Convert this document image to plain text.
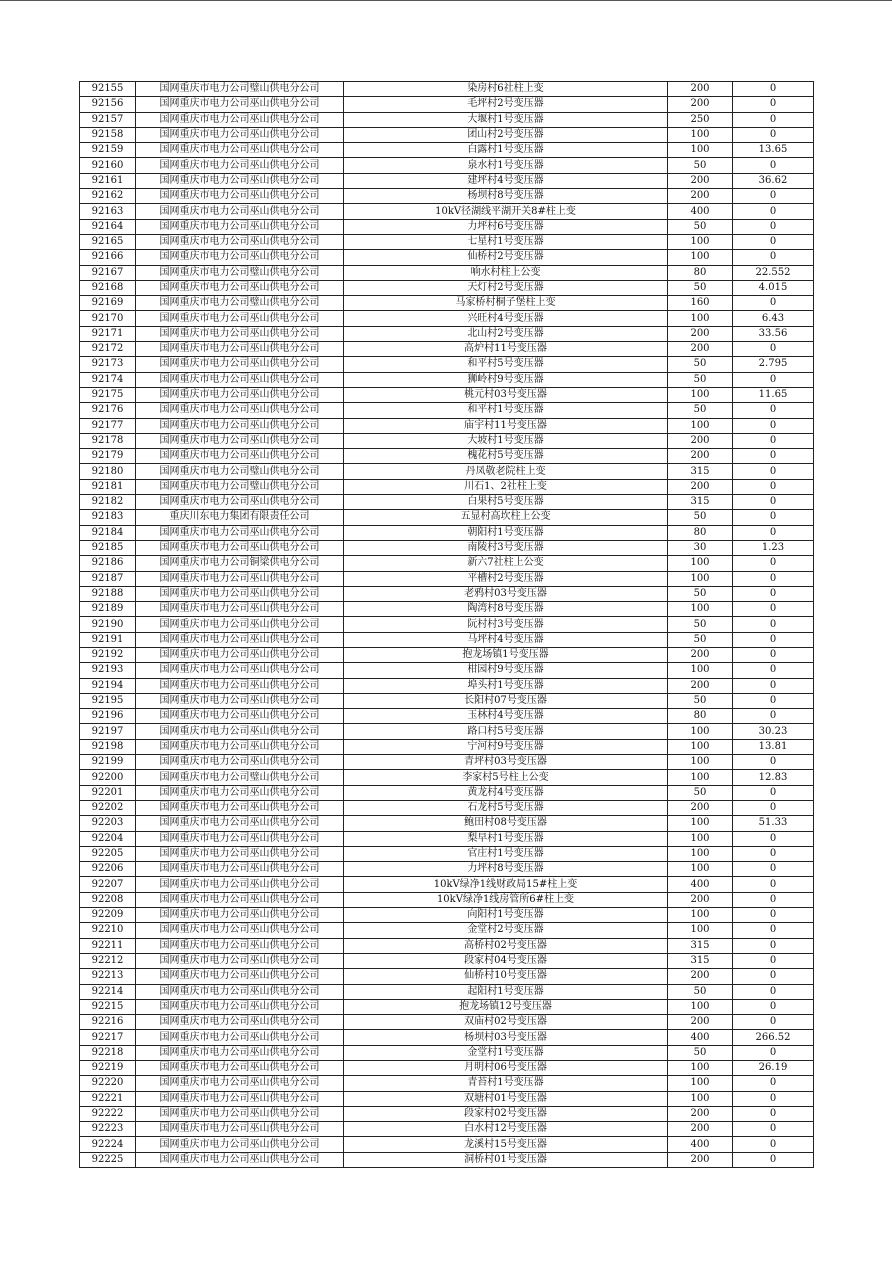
92155	国网重庆市电力公司璧山供电分公司	染房村6社柱上变	200	0
92156	国网重庆市电力公司巫山供电分公司	毛坪村2号变压器	200	0
92157	国网重庆市电力公司巫山供电分公司	大堰村1号变压器	250	0
92158	国网重庆市电力公司巫山供电分公司	团山村2号变压器	100	0
92159	国网重庆市电力公司巫山供电分公司	白露村1号变压器	100	13.65
92160	国网重庆市电力公司巫山供电分公司	泉水村1号变压器	50	0
92161	国网重庆市电力公司巫山供电分公司	建坪村4号变压器	200	36.62
92162	国网重庆市电力公司巫山供电分公司	杨坝村8号变压器	200	0
92163	国网重庆市电力公司巫山供电分公司	10kV径湖线平湖开关8#柱上变	400	0
92164	国网重庆市电力公司巫山供电分公司	力坪村6号变压器	50	0
92165	国网重庆市电力公司巫山供电分公司	七星村1号变压器	100	0
92166	国网重庆市电力公司巫山供电分公司	仙桥村2号变压器	100	0
92167	国网重庆市电力公司璧山供电分公司	响水村柱上公变	80	22.552
92168	国网重庆市电力公司巫山供电分公司	天灯村2号变压器	50	4.015
92169	国网重庆市电力公司璧山供电分公司	马家桥村桐子堡柱上变	160	0
92170	国网重庆市电力公司巫山供电分公司	兴旺村4号变压器	100	6.43
92171	国网重庆市电力公司巫山供电分公司	北山村2号变压器	200	33.56
92172	国网重庆市电力公司巫山供电分公司	高炉村11号变压器	200	0
92173	国网重庆市电力公司巫山供电分公司	和平村5号变压器	50	2.795
92174	国网重庆市电力公司巫山供电分公司	狮岭村9号变压器	50	0
92175	国网重庆市电力公司巫山供电分公司	桃元村03号变压器	100	11.65
92176	国网重庆市电力公司巫山供电分公司	和平村1号变压器	50	0
92177	国网重庆市电力公司巫山供电分公司	庙宇村11号变压器	100	0
92178	国网重庆市电力公司巫山供电分公司	大坡村1号变压器	200	0
92179	国网重庆市电力公司巫山供电分公司	槐花村5号变压器	200	0
92180	国网重庆市电力公司璧山供电分公司	丹凤敬老院柱上变	315	0
92181	国网重庆市电力公司璧山供电分公司	川石1、2社柱上变	200	0
92182	国网重庆市电力公司巫山供电分公司	白果村5号变压器	315	0
92183	重庆川东电力集团有限责任公司	五显村高坎柱上公变	50	0
92184	国网重庆市电力公司巫山供电分公司	朝阳村1号变压器	80	0
92185	国网重庆市电力公司巫山供电分公司	南陵村3号变压器	30	1.23
92186	国网重庆市电力公司铜梁供电分公司	新六7社柱上公变	100	0
92187	国网重庆市电力公司巫山供电分公司	平槽村2号变压器	100	0
92188	国网重庆市电力公司巫山供电分公司	老鸦村03号变压器	50	0
92189	国网重庆市电力公司巫山供电分公司	陶湾村8号变压器	100	0
92190	国网重庆市电力公司巫山供电分公司	阮村村3号变压器	50	0
92191	国网重庆市电力公司巫山供电分公司	马坪村4号变压器	50	0
92192	国网重庆市电力公司巫山供电分公司	抱龙场镇1号变压器	200	0
92193	国网重庆市电力公司巫山供电分公司	柑园村9号变压器	100	0
92194	国网重庆市电力公司巫山供电分公司	埠头村1号变压器	200	0
92195	国网重庆市电力公司巫山供电分公司	长阳村07号变压器	50	0
92196	国网重庆市电力公司巫山供电分公司	玉林村4号变压器	80	0
92197	国网重庆市电力公司巫山供电分公司	路口村5号变压器	100	30.23
92198	国网重庆市电力公司巫山供电分公司	宁河村9号变压器	100	13.81
92199	国网重庆市电力公司巫山供电分公司	青坪村03号变压器	100	0
92200	国网重庆市电力公司璧山供电分公司	李家村5号柱上公变	100	12.83
92201	国网重庆市电力公司巫山供电分公司	黄龙村4号变压器	50	0
92202	国网重庆市电力公司巫山供电分公司	石龙村5号变压器	200	0
92203	国网重庆市电力公司巫山供电分公司	鲍田村08号变压器	100	51.33
92204	国网重庆市电力公司巫山供电分公司	梨早村1号变压器	100	0
92205	国网重庆市电力公司巫山供电分公司	官庄村1号变压器	100	0
92206	国网重庆市电力公司巫山供电分公司	力坪村8号变压器	100	0
92207	国网重庆市电力公司巫山供电分公司	10kV绿净1线财政局15#柱上变	400	0
92208	国网重庆市电力公司巫山供电分公司	10kV绿净1线房管所6#柱上变	200	0
92209	国网重庆市电力公司巫山供电分公司	向阳村1号变压器	100	0
92210	国网重庆市电力公司巫山供电分公司	金堂村2号变压器	100	0
92211	国网重庆市电力公司巫山供电分公司	高桥村02号变压器	315	0
92212	国网重庆市电力公司巫山供电分公司	段家村04号变压器	315	0
92213	国网重庆市电力公司巫山供电分公司	仙桥村10号变压器	200	0
92214	国网重庆市电力公司巫山供电分公司	起阳村1号变压器	50	0
92215	国网重庆市电力公司巫山供电分公司	抱龙场镇12号变压器	100	0
92216	国网重庆市电力公司巫山供电分公司	双庙村02号变压器	200	0
92217	国网重庆市电力公司巫山供电分公司	杨坝村03号变压器	400	266.52
92218	国网重庆市电力公司巫山供电分公司	金堂村1号变压器	50	0
92219	国网重庆市电力公司巫山供电分公司	月明村06号变压器	100	26.19
92220	国网重庆市电力公司巫山供电分公司	青苔村1号变压器	100	0
92221	国网重庆市电力公司巫山供电分公司	双塘村01号变压器	100	0
92222	国网重庆市电力公司巫山供电分公司	段家村02号变压器	200	0
92223	国网重庆市电力公司巫山供电分公司	白水村12号变压器	200	0
92224	国网重庆市电力公司巫山供电分公司	龙溪村15号变压器	400	0
92225	国网重庆市电力公司巫山供电分公司	洞桥村01号变压器	200	0
